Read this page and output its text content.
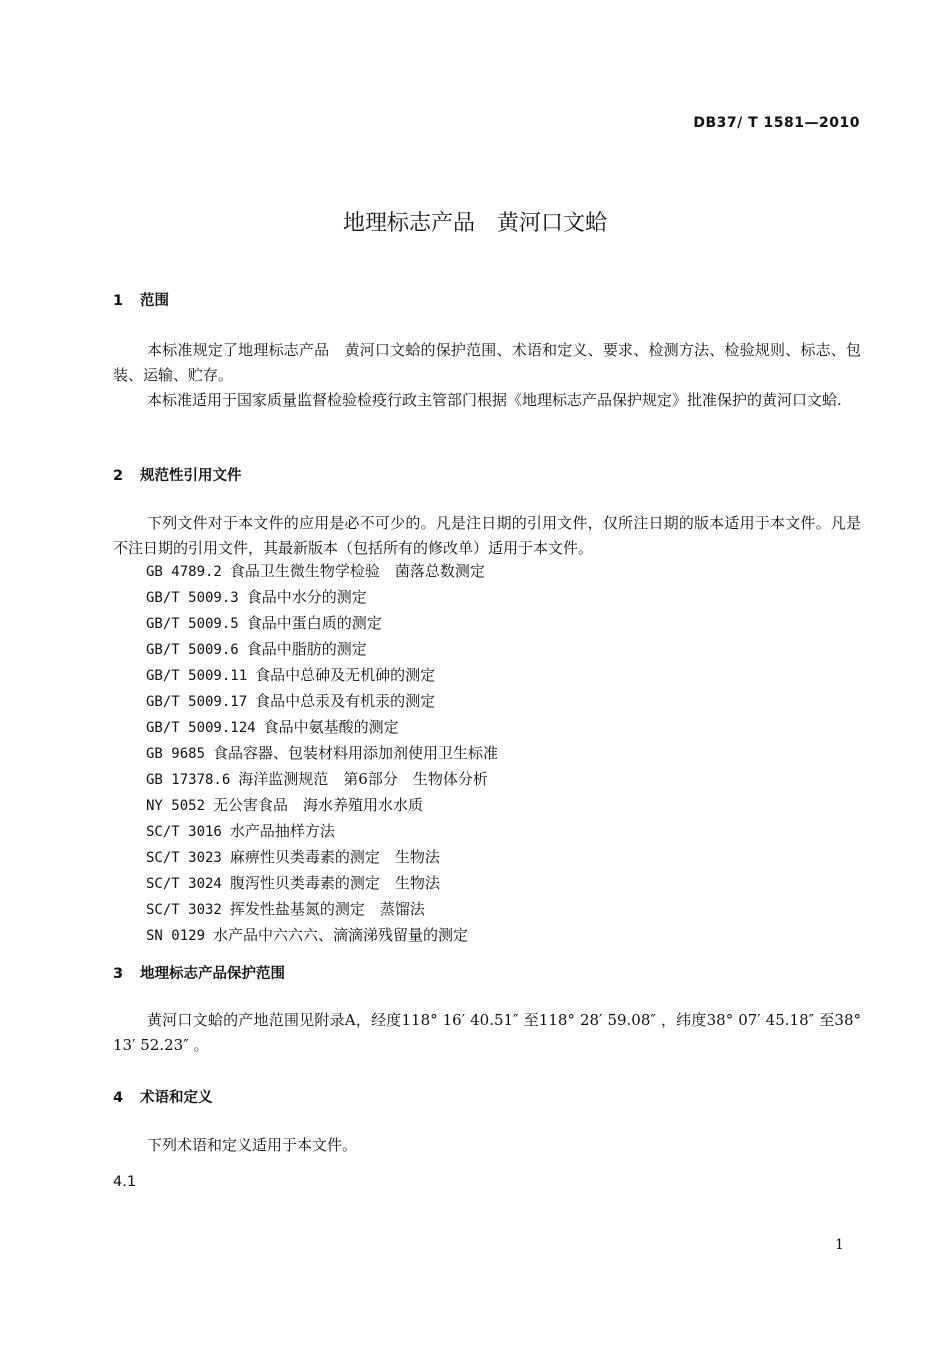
DB37/ T 1581—2010
地理标志产品　黄河口文蛤
1 范围

本标准规定了地理标志产品　黄河口文蛤的保护范围、术语和定义、要求、检测方法、检验规则、标志、包装、运输、贮存。

本标准适用于国家质量监督检验检疫行政主管部门根据《地理标志产品保护规定》批准保护的黄河口文蛤.

2 规范性引用文件

下列文件对于本文件的应用是必不可少的。凡是注日期的引用文件，仅所注日期的版本适用于本文件。凡是不注日期的引用文件，其最新版本（包括所有的修改单）适用于本文件。

GB 4789.2 食品卫生微生物学检验　菌落总数测定
GB/T 5009.3 食品中水分的测定
GB/T 5009.5 食品中蛋白质的测定
GB/T 5009.6 食品中脂肪的测定
GB/T 5009.11 食品中总砷及无机砷的测定
GB/T 5009.17 食品中总汞及有机汞的测定
GB/T 5009.124 食品中氨基酸的测定
GB 9685 食品容器、包装材料用添加剂使用卫生标准
GB 17378.6 海洋监测规范　第6部分　生物体分析
NY 5052 无公害食品　海水养殖用水水质
SC/T 3016 水产品抽样方法
SC/T 3023 麻痹性贝类毒素的测定　生物法
SC/T 3024 腹泻性贝类毒素的测定　生物法
SC/T 3032 挥发性盐基氮的测定　蒸馏法
SN 0129 水产品中六六六、滴滴涕残留量的测定
3 地理标志产品保护范围

黄河口文蛤的产地范围见附录A，经度118° 16′ 40.51″ 至118° 28′ 59.08″ ，纬度38° 07′ 45.18″ 至38° 13′ 52.23″ 。

4 术语和定义

下列术语和定义适用于本文件。

4.1
1
